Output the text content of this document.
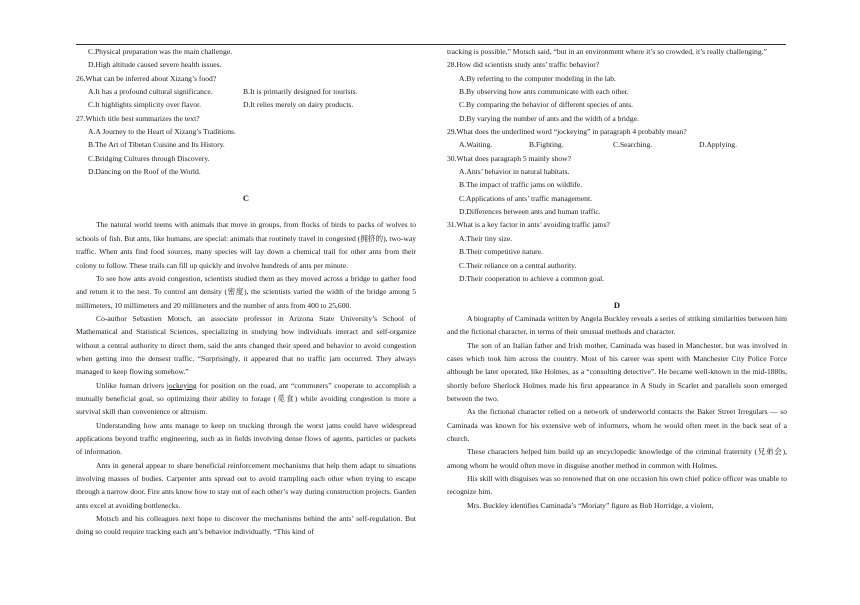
C.Physical preparation was the main challenge.
D.High altitude caused severe health issues.
26.What can be inferred about Xizang’s food?
A.It has a profound cultural significance.	B.It is primarily designed for tourists.
C.It highlights simplicity over flavor.	D.It relies merely on dairy products.
27.Which title best summarizes the text?
A.A Journey to the Heart of Xizang’s Traditions.
B.The Art of Tibetan Cuisine and Its History.
C.Bridging Cultures through Discovery.
D.Dancing on the Roof of the World.
C

The natural world teems with animals that move in groups, from flocks of birds to packs of wolves to schools of fish. But ants, like humans, are special: animals that routinely travel in congested (拥挤的), two-way traffic. When ants find food sources, many species will lay down a chemical trail for other ants from their colony to follow. These trails can fill up quickly and involve hundreds of ants per minute.

To see how ants avoid congestion, scientists studied them as they moved across a bridge to gather food and return it to the nest. To control ant density (密度), the scientists varied the width of the bridge among 5 millimeters, 10 millimeters and 20 millimeters and the number of ants from 400 to 25,600.

Co-author Sebastien Motsch, an associate professor in Arizona State University’s School of Mathematical and Statistical Sciences, specializing in studying how individuals interact and self-organize without a central authority to direct them, said the ants changed their speed and behavior to avoid congestion when getting into the densest traffic. “Surprisingly, it appeared that no traffic jam occurred. They always managed to keep flowing somehow.”

Unlike human drivers jockeying for position on the road, ant “commuters” cooperate to accomplish a mutually beneficial goal, so optimizing their ability to forage (觅食) while avoiding congestion is more a survival skill than convenience or altruism.

Understanding how ants manage to keep on trucking through the worst jams could have widespread applications beyond traffic engineering, such as in fields involving dense flows of agents, particles or packets of information.

Ants in general appear to share beneficial reinforcement mechanisms that help them adapt to situations involving masses of bodies. Carpenter ants spread out to avoid trampling each other when trying to escape through a narrow door. Fire ants know how to stay out of each other’s way during construction projects. Garden ants excel at avoiding bottlenecks.

Motsch and his colleagues next hope to discover the mechanisms behind the ants’ self-regulation. But doing so could require tracking each ant’s behavior individually. “This kind of

tracking is possible,” Motsch said, “but in an environment where it’s so crowded, it’s really challenging.”

28.How did scientists study ants’ traffic behavior?
A.By referring to the computer modeling in the lab.
B.By observing how ants communicate with each other.
C.By comparing the behavior of different species of ants.
D.By varying the number of ants and the width of a bridge.
29.What does the underlined word “jockeying” in paragraph 4 probably mean?
A.Waiting.	B.Fighting.	C.Searching.	D.Applying.
30.What does paragraph 5 mainly show?
A.Ants’ behavior in natural habitats.
B.The impact of traffic jams on wildlife.
C.Applications of ants’ traffic management.
D.Differences between ants and human traffic.
31.What is a key factor in ants’ avoiding traffic jams?
A.Their tiny size.
B.Their competitive nature.
C.Their reliance on a central authority.
D.Their cooperation to achieve a common goal.
D

A biography of Caminada written by Angela Buckley reveals a series of striking similarities between him and the fictional character, in terms of their unusual methods and character.

The son of an Italian father and Irish mother, Caminada was based in Manchester, but was involved in cases which took him across the country. Most of his career was spent with Manchester City Police Force although he later operated, like Holmes, as a “consulting detective”. He became well-known in the mid-1880s, shortly before Sherlock Holmes made his first appearance in A Study in Scarlet and parallels soon emerged between the two.

As the fictional character relied on a network of underworld contacts the Baker Street Irregulars — so Caminada was known for his extensive web of informers, whom he would often meet in the back seat of a church.

These characters helped him build up an encyclopedic knowledge of the criminal fraternity (兄弟会), among whom he would often move in disguise another method in common with Holmes.

His skill with disguises was so renowned that on one occasion his own chief police officer was unable to recognize him.

Mrs. Buckley identifies Caminada’s “Moriaty” figure as Bob Horridge, a violent,
